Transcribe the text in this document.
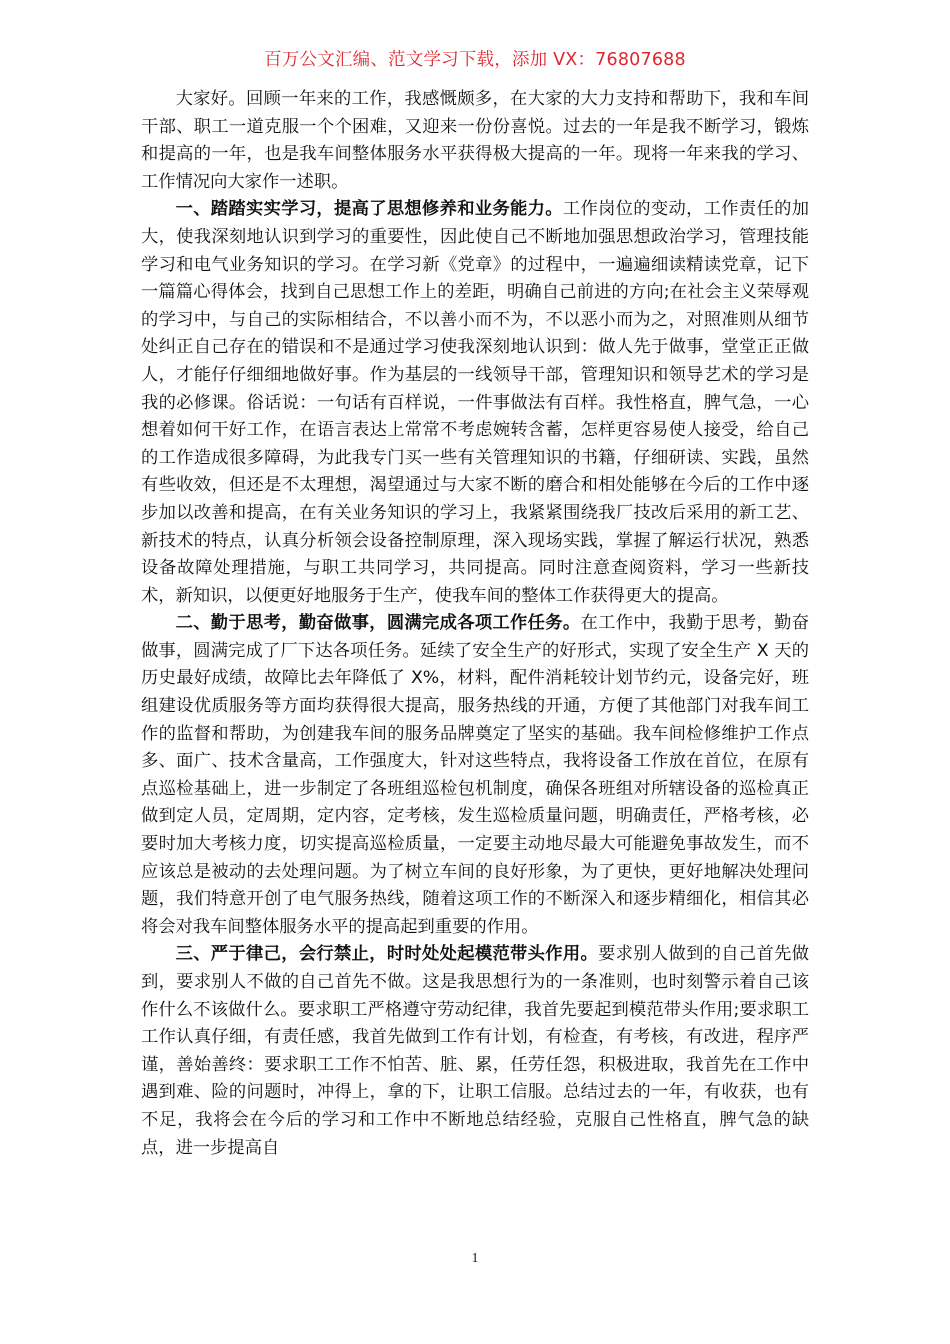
百万公文汇编、范文学习下载，添加 VX：76807688

大家好。回顾一年来的工作，我感慨颇多，在大家的大力支持和帮助下，我和车间干部、职工一道克服一个个困难，又迎来一份份喜悦。过去的一年是我不断学习，锻炼和提高的一年，也是我车间整体服务水平获得极大提高的一年。现将一年来我的学习、工作情况向大家作一述职。

一、踏踏实实学习，提高了思想修养和业务能力。工作岗位的变动，工作责任的加大，使我深刻地认识到学习的重要性，因此使自己不断地加强思想政治学习，管理技能学习和电气业务知识的学习。在学习新《党章》的过程中，一遍遍细读精读党章，记下一篇篇心得体会，找到自己思想工作上的差距，明确自己前进的方向;在社会主义荣辱观的学习中，与自己的实际相结合，不以善小而不为，不以恶小而为之，对照准则从细节处纠正自己存在的错误和不是通过学习使我深刻地认识到：做人先于做事，堂堂正正做人，才能仔仔细细地做好事。作为基层的一线领导干部，管理知识和领导艺术的学习是我的必修课。俗话说：一句话有百样说，一件事做法有百样。我性格直，脾气急，一心想着如何干好工作，在语言表达上常常不考虑婉转含蓄，怎样更容易使人接受，给自己的工作造成很多障碍，为此我专门买一些有关管理知识的书籍，仔细研读、实践，虽然有些收效，但还是不太理想，渴望通过与大家不断的磨合和相处能够在今后的工作中逐步加以改善和提高，在有关业务知识的学习上，我紧紧围绕我厂技改后采用的新工艺、新技术的特点，认真分析领会设备控制原理，深入现场实践，掌握了解运行状况，熟悉设备故障处理措施，与职工共同学习，共同提高。同时注意查阅资料，学习一些新技术，新知识，以便更好地服务于生产，使我车间的整体工作获得更大的提高。

二、勤于思考，勤奋做事，圆满完成各项工作任务。在工作中，我勤于思考，勤奋做事，圆满完成了厂下达各项任务。延续了安全生产的好形式，实现了安全生产 X 天的历史最好成绩，故障比去年降低了 X%，材料，配件消耗较计划节约元，设备完好，班组建设优质服务等方面均获得很大提高，服务热线的开通，方便了其他部门对我车间工作的监督和帮助，为创建我车间的服务品牌奠定了坚实的基础。我车间检修维护工作点多、面广、技术含量高，工作强度大，针对这些特点，我将设备工作放在首位，在原有点巡检基础上，进一步制定了各班组巡检包机制度，确保各班组对所辖设备的巡检真正做到定人员，定周期，定内容，定考核，发生巡检质量问题，明确责任，严格考核，必要时加大考核力度，切实提高巡检质量，一定要主动地尽最大可能避免事故发生，而不应该总是被动的去处理问题。为了树立车间的良好形象，为了更快，更好地解决处理问题，我们特意开创了电气服务热线，随着这项工作的不断深入和逐步精细化，相信其必将会对我车间整体服务水平的提高起到重要的作用。

三、严于律己，会行禁止，时时处处起模范带头作用。要求别人做到的自己首先做到，要求别人不做的自己首先不做。这是我思想行为的一条准则，也时刻警示着自己该作什么不该做什么。要求职工严格遵守劳动纪律，我首先要起到模范带头作用;要求职工工作认真仔细，有责任感，我首先做到工作有计划，有检查，有考核，有改进，程序严谨，善始善终：要求职工工作不怕苦、脏、累，任劳任怨，积极进取，我首先在工作中遇到难、险的问题时，冲得上，拿的下，让职工信服。总结过去的一年，有收获，也有不足，我将会在今后的学习和工作中不断地总结经验，克服自己性格直，脾气急的缺点，进一步提高自

1
